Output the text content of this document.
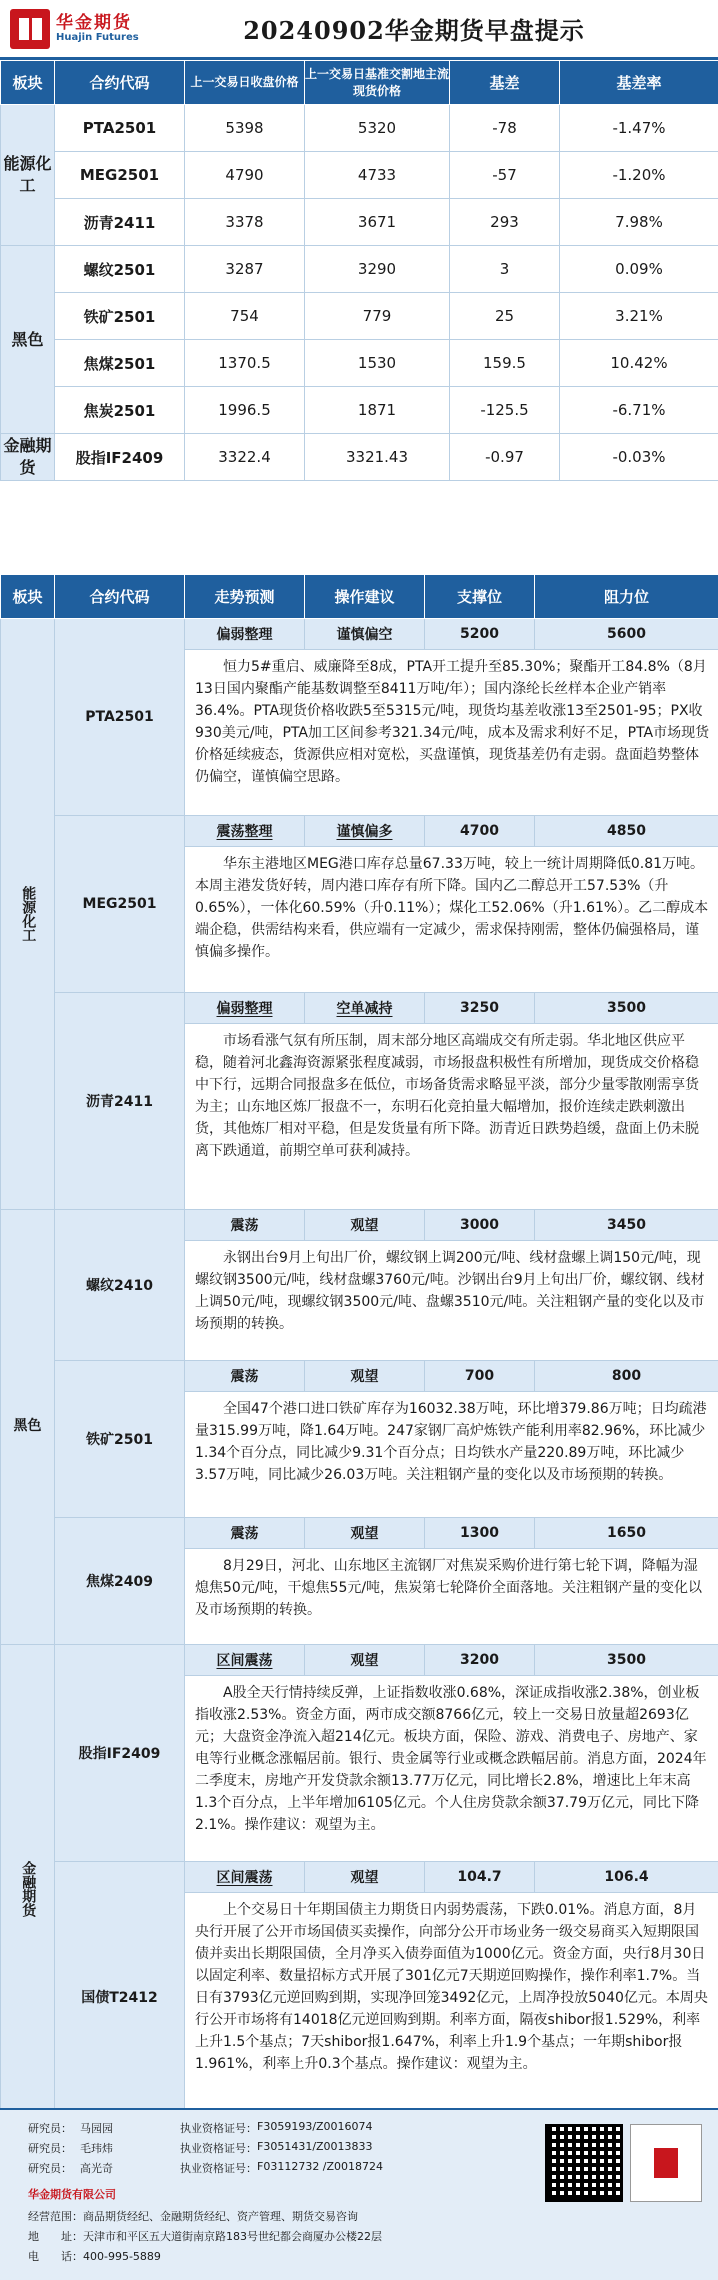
华金期货
Huajin Futures	20240902华金期货早盘提示
板块	合约代码	上一交易日收盘价格	上一交易日基准交割地主流现货价格	基差	基差率
能源化工	PTA2501	5398	5320	-78	-1.47%
	MEG2501	4790	4733	-57	-1.20%
	沥青2411	3378	3671	293	7.98%
黑色	螺纹2501	3287	3290	3	0.09%
	铁矿2501	754	779	25	3.21%
	焦煤2501	1370.5	1530	159.5	10.42%
	焦炭2501	1996.5	1871	-125.5	-6.71%
金融期货	股指IF2409	3322.4	3321.43	-0.97	-0.03%
板块	合约代码	走势预测	操作建议	支撑位	阻力位
能源化工	PTA2501	偏弱整理	谨慎偏空	5200	5600
		恒力5#重启、威廉降至8成，PTA开工提升至85.30%；聚酯开工84.8%（8月13日国内聚酯产能基数调整至8411万吨/年）；国内涤纶长丝样本企业产销率36.4%。PTA现货价格收跌5至5315元/吨，现货均基差收涨13至2501-95；PX收930美元/吨，PTA加工区间参考321.34元/吨，成本及需求利好不足，PTA市场现货价格延续疲态，货源供应相对宽松，买盘谨慎，现货基差仍有走弱。盘面趋势整体仍偏空，谨慎偏空思路。			
	MEG2501	震荡整理	谨慎偏多	4700	4850
		华东主港地区MEG港口库存总量67.33万吨，较上一统计周期降低0.81万吨。本周主港发货好转，周内港口库存有所下降。国内乙二醇总开工57.53%（升0.65%），一体化60.59%（升0.11%）；煤化工52.06%（升1.61%）。乙二醇成本端企稳，供需结构来看，供应端有一定减少，需求保持刚需，整体仍偏强格局，谨慎偏多操作。			
	沥青2411	偏弱整理	空单减持	3250	3500
		市场看涨气氛有所压制，周末部分地区高端成交有所走弱。华北地区供应平稳，随着河北鑫海资源紧张程度减弱，市场报盘积极性有所增加，现货成交价格稳中下行，远期合同报盘多在低位，市场备货需求略显平淡，部分少量零散刚需享货为主；山东地区炼厂报盘不一，东明石化竞拍量大幅增加，报价连续走跌刺激出货，其他炼厂相对平稳，但是发货量有所下降。沥青近日跌势趋缓，盘面上仍未脱离下跌通道，前期空单可获利减持。			
黑色	螺纹2410	震荡	观望	3000	3450
		永钢出台9月上旬出厂价，螺纹钢上调200元/吨、线材盘螺上调150元/吨，现螺纹钢3500元/吨，线材盘螺3760元/吨。沙钢出台9月上旬出厂价，螺纹钢、线材上调50元/吨，现螺纹钢3500元/吨、盘螺3510元/吨。关注粗钢产量的变化以及市场预期的转换。			
	铁矿2501	震荡	观望	700	800
		全国47个港口进口铁矿库存为16032.38万吨，环比增379.86万吨；日均疏港量315.99万吨，降1.64万吨。247家钢厂高炉炼铁产能利用率82.96%，环比减少1.34个百分点，同比减少9.31个百分点；日均铁水产量220.89万吨，环比减少3.57万吨，同比减少26.03万吨。关注粗钢产量的变化以及市场预期的转换。			
	焦煤2409	震荡	观望	1300	1650
		8月29日，河北、山东地区主流钢厂对焦炭采购价进行第七轮下调，降幅为湿熄焦50元/吨，干熄焦55元/吨，焦炭第七轮降价全面落地。关注粗钢产量的变化以及市场预期的转换。			
金融期货	股指IF2409	区间震荡	观望	3200	3500
		A股全天行情持续反弹，上证指数收涨0.68%，深证成指收涨2.38%，创业板指收涨2.53%。资金方面，两市成交额8766亿元，较上一交易日放量超2693亿元；大盘资金净流入超214亿元。板块方面，保险、游戏、消费电子、房地产、家电等行业概念涨幅居前。银行、贵金属等行业或概念跌幅居前。消息方面，2024年二季度末，房地产开发贷款余额13.77万亿元，同比增长2.8%，增速比上年末高1.3个百分点，上半年增加6105亿元。个人住房贷款余额37.79万亿元，同比下降2.1%。操作建议：观望为主。			
	国债T2412	区间震荡	观望	104.7	106.4
		上个交易日十年期国债主力期货日内弱势震荡，下跌0.01%。消息方面，8月央行开展了公开市场国债买卖操作，向部分公开市场业务一级交易商买入短期限国债并卖出长期限国债，全月净买入债券面值为1000亿元。资金方面，央行8月30日以固定利率、数量招标方式开展了301亿元7天期逆回购操作，操作利率1.7%。当日有3793亿元逆回购到期，实现净回笼3492亿元，上周净投放5040亿元。本周央行公开市场将有14018亿元逆回购到期。利率方面，隔夜shibor报1.529%，利率上升1.5个基点；7天shibor报1.647%，利率上升1.9个基点；一年期shibor报1.961%，利率上升0.3个基点。操作建议：观望为主。			
研究员： 马园园	执业资格证号： F3059193/Z0016074
研究员： 毛玮炜	执业资格证号： F3051431/Z0013833
研究员： 高光奇	执业资格证号： F03112732 /Z0018724
华金期货有限公司
经营范围：商品期货经纪、金融期货经纪、资产管理、期货交易咨询
地　　址：天津市和平区五大道街南京路183号世纪都会商厦办公楼22层
电　　话：400-995-5889
